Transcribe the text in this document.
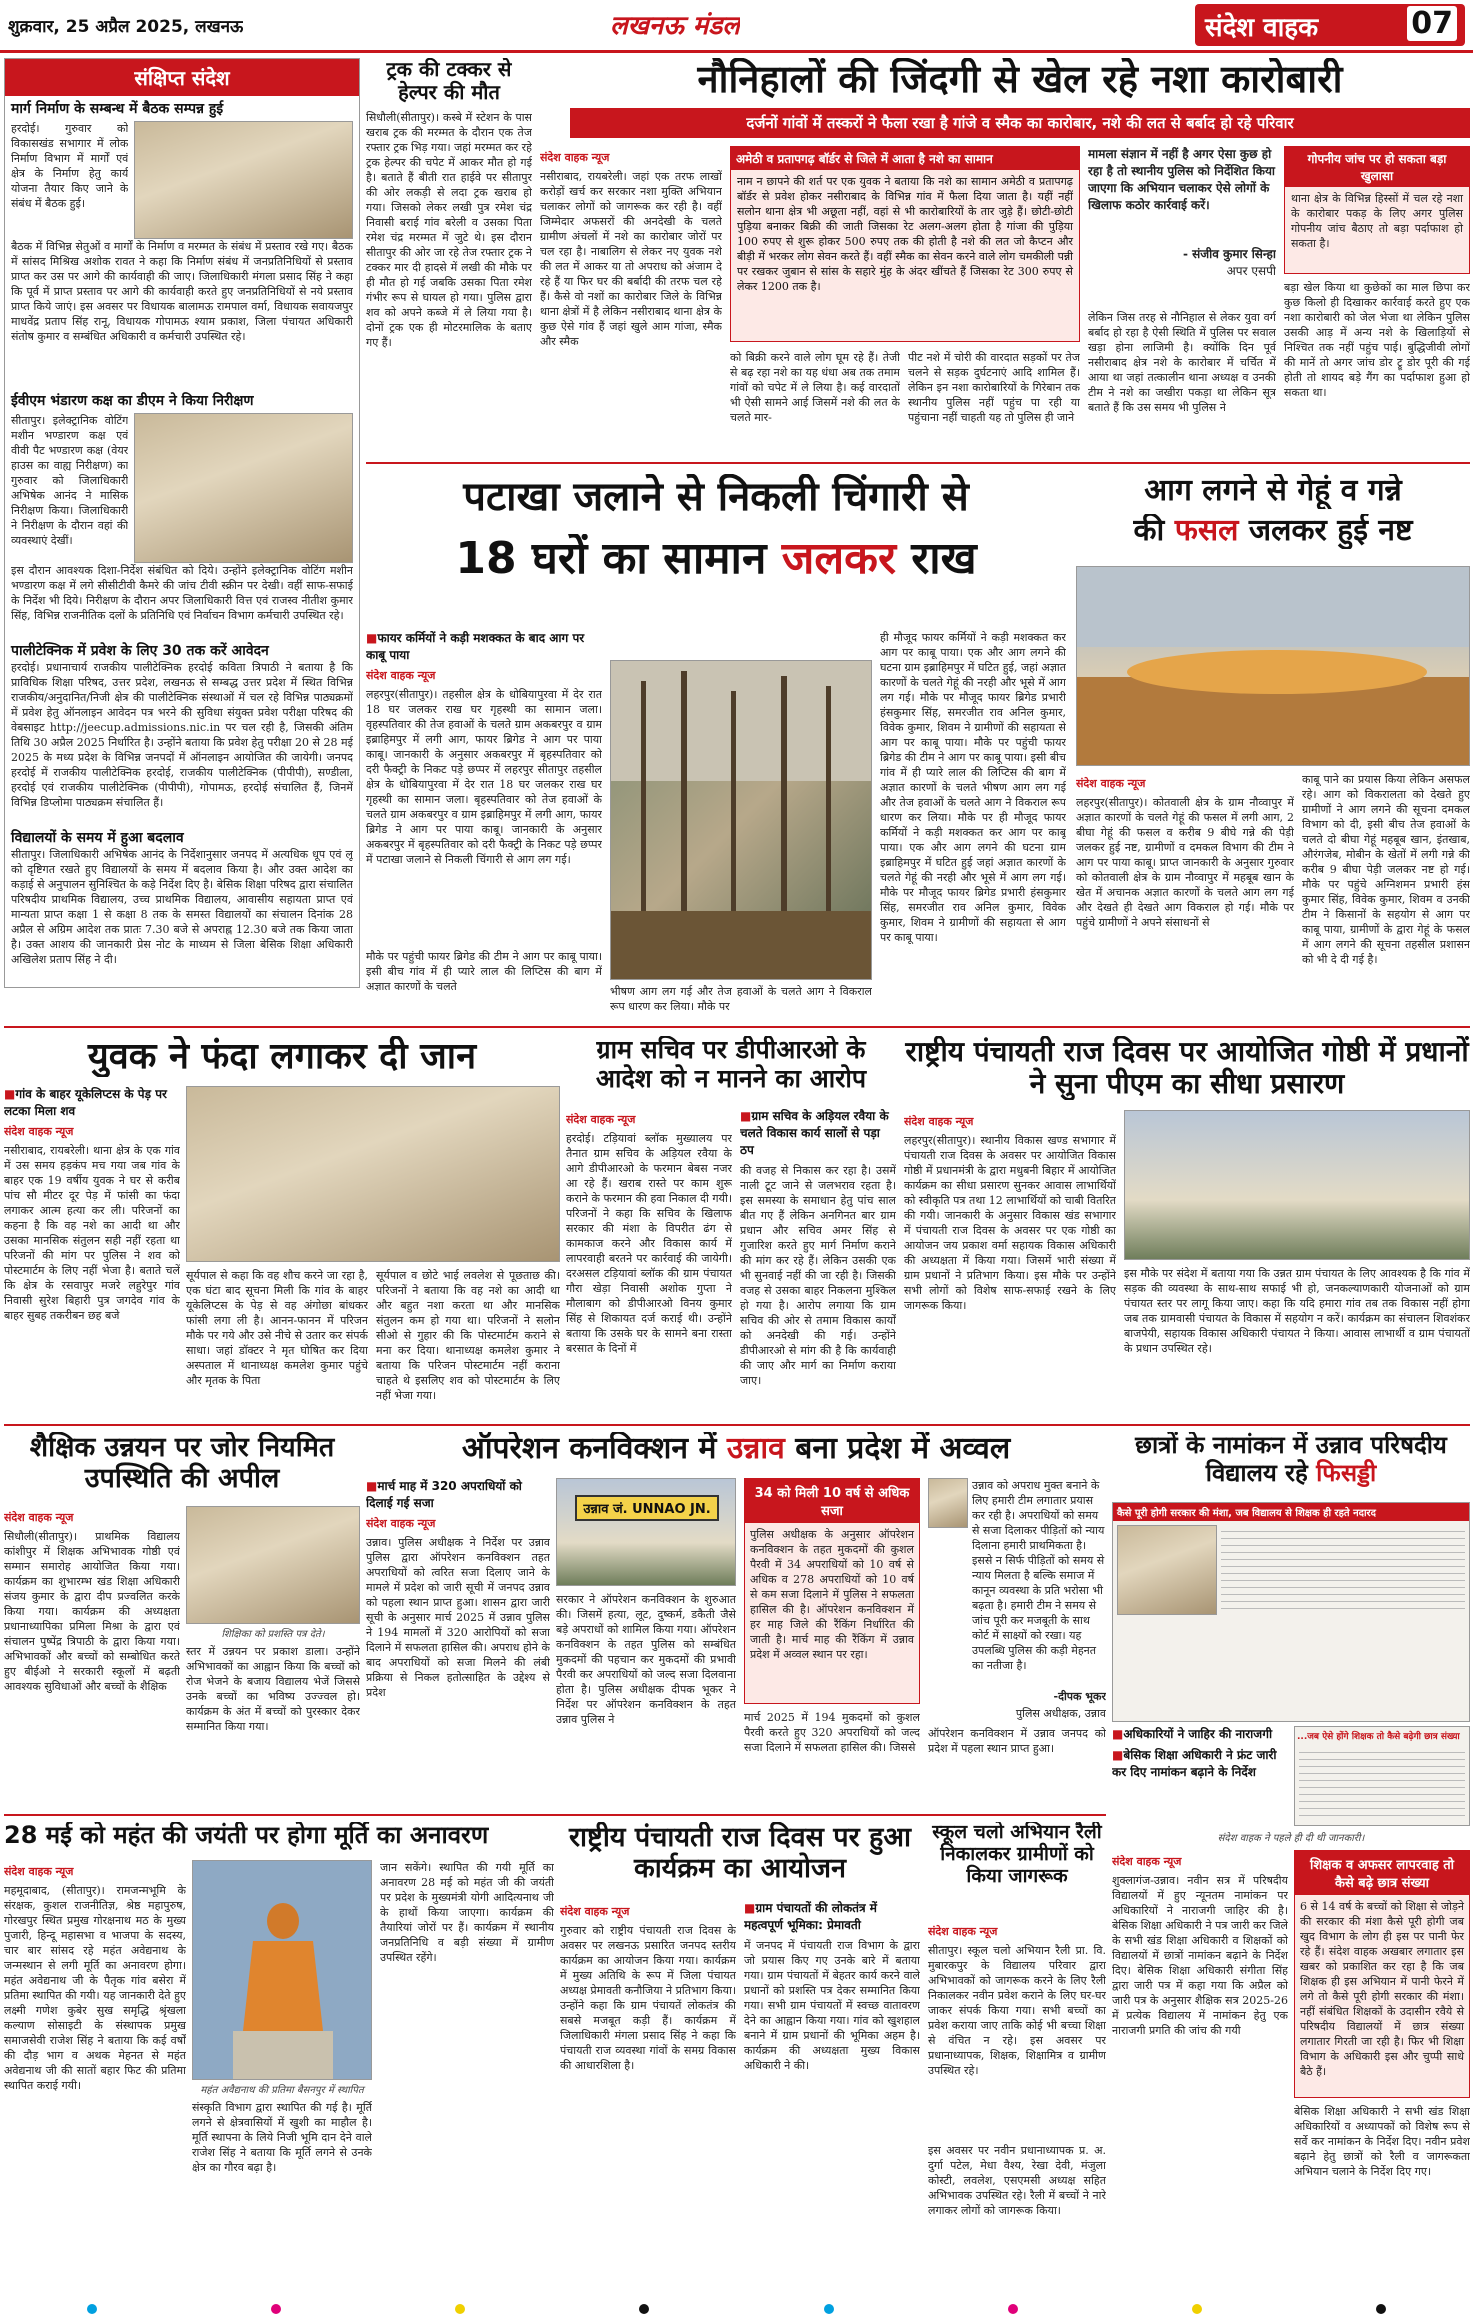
शुक्रवार, 25 अप्रैल 2025, लखनऊ	लखनऊ मंडल	संदेश वाहक	07
संक्षिप्त संदेश
मार्ग निर्माण के सम्बन्ध में बैठक सम्पन्न हुई
हरदोई। गुरुवार को विकासखंड सभागार में लोक निर्माण विभाग में मार्गों एवं क्षेत्र के निर्माण हेतु कार्य योजना तैयार किए जाने के संबंध में बैठक हुई।
बैठक में विभिन्न सेतुओं व मार्गों के निर्माण व मरम्मत के संबंध में प्रस्ताव रखे गए। बैठक में सांसद मिश्रिख अशोक रावत ने कहा कि निर्माण संबंध में जनप्रतिनिधियों से प्रस्ताव प्राप्त कर उस पर आगे की कार्यवाही की जाए। जिलाधिकारी मंगला प्रसाद सिंह ने कहा कि पूर्व में प्राप्त प्रस्ताव पर आगे की कार्यवाही करते हुए जनप्रतिनिधियों से नये प्रस्ताव प्राप्त किये जाएं। इस अवसर पर विधायक बालामऊ रामपाल वर्मा, विधायक सवायजपुर माधवेंद्र प्रताप सिंह रानू, विधायक गोपामऊ श्याम प्रकाश, जिला पंचायत अधिकारी संतोष कुमार व सम्बंधित अधिकारी व कर्मचारी उपस्थित रहे।
ईवीएम भंडारण कक्ष का डीएम ने किया निरीक्षण
सीतापुर। इलेक्ट्रानिक वोटिंग मशीन भण्डारण कक्ष एवं वीवी पैट भण्डारण कक्ष (वेयर हाउस का वाह्य निरीक्षण) का गुरुवार को जिलाधिकारी अभिषेक आनंद ने मासिक निरीक्षण किया। जिलाधिकारी ने निरीक्षण के दौरान वहां की व्यवस्थाएं देखीं।
इस दौरान आवश्यक दिशा-निर्देश संबंधित को दिये। उन्होंने इलेक्ट्रानिक वोटिंग मशीन भण्डारण कक्ष में लगे सीसीटीवी कैमरे की जांच टीवी स्क्रीन पर देखी। वहीं साफ-सफाई के निर्देश भी दिये। निरीक्षण के दौरान अपर जिलाधिकारी वित्त एवं राजस्व नीतीश कुमार सिंह, विभिन्न राजनीतिक दलों के प्रतिनिधि एवं निर्वाचन विभाग कर्मचारी उपस्थित रहे।
पालीटेक्निक में प्रवेश के लिए 30 तक करें आवेदन
हरदोई। प्रधानाचार्य राजकीय पालीटेक्निक हरदोई कविता त्रिपाठी ने बताया है कि प्राविधिक शिक्षा परिषद, उत्तर प्रदेश, लखनऊ से सम्बद्ध उत्तर प्रदेश में स्थित विभिन्न राजकीय/अनुदानित/निजी क्षेत्र की पालीटेक्निक संस्थाओं में चल रहे विभिन्न पाठ्यक्रमों में प्रवेश हेतु ऑनलाइन आवेदन पत्र भरने की सुविधा संयुक्त प्रवेश परीक्षा परिषद की वेबसाइट http://jeecup.admissions.nic.in पर चल रही है, जिसकी अंतिम तिथि 30 अप्रैल 2025 निर्धारित है। उन्होंने बताया कि प्रवेश हेतु परीक्षा 20 से 28 मई 2025 के मध्य प्रदेश के विभिन्न जनपदों में ऑनलाइन आयोजित की जायेगी। जनपद हरदोई में राजकीय पालीटेक्निक हरदोई, राजकीय पालीटेक्निक (पीपीपी), सण्डीला, हरदोई एवं राजकीय पालीटेक्निक (पीपीपी), गोपामऊ, हरदोई संचालित हैं, जिनमें विभिन्न डिप्लोमा पाठ्यक्रम संचालित हैं।
विद्यालयों के समय में हुआ बदलाव
सीतापुर। जिलाधिकारी अभिषेक आनंद के निर्देशानुसार जनपद में अत्यधिक धूप एवं लू को दृष्टिगत रखते हुए विद्यालयों के समय में बदलाव किया है। और उक्त आदेश का कड़ाई से अनुपालन सुनिश्चित के कड़े निर्देश दिए है। बेसिक शिक्षा परिषद द्वारा संचालित परिषदीय प्राथमिक विद्यालय, उच्च प्राथमिक विद्यालय, आवासीय सहायता प्राप्त एवं मान्यता प्राप्त कक्षा 1 से कक्षा 8 तक के समस्त विद्यालयों का संचालन दिनांक 28 अप्रैल से अग्रिम आदेश तक प्रातः 7.30 बजे से अपराह्न 12.30 बजे तक किया जाता है। उक्त आशय की जानकारी प्रेस नोट के माध्यम से जिला बेसिक शिक्षा अधिकारी अखिलेश प्रताप सिंह ने दी।
ट्रक की टक्कर से हेल्पर की मौत
सिधौली(सीतापुर)। कस्बे में स्टेशन के पास खराब ट्रक की मरम्मत के दौरान एक तेज रफ्तार ट्रक भिड़ गया। जहां मरम्मत कर रहे ट्रक हेल्पर की चपेट में आकर मौत हो गई है। बताते हैं बीती रात हाईवे पर सीतापुर की ओर लकड़ी से लदा ट्रक खराब हो गया। जिसको लेकर लखी पुत्र रमेश चंद्र निवासी बराई गांव बरेली व उसका पिता रमेश चंद्र मरम्मत में जुटे थे। इस दौरान सीतापुर की ओर जा रहे तेज रफ्तार ट्रक ने टक्कर मार दी हादसे में लखी की मौके पर ही मौत हो गई जबकि उसका पिता रमेश गंभीर रूप से घायल हो गया। पुलिस द्वारा शव को अपने कब्जे में ले लिया गया है। दोनों ट्रक एक ही मोटरमालिक के बताए गए हैं।
नौनिहालों की जिंदगी से खेल रहे नशा कारोबारी
दर्जनों गांवों में तस्करों ने फैला रखा है गांजे व स्मैक का कारोबार, नशे की लत से बर्बाद हो रहे परिवार
संदेश वाहक न्यूज
नसीराबाद, रायबरेली। जहां एक तरफ लाखों करोड़ों खर्च कर सरकार नशा मुक्ति अभियान चलाकर लोगों को जागरूक कर रही है। वहीं जिम्मेदार अफसरों की अनदेखी के चलते ग्रामीण अंचलों में नशे का कारोबार जोरों पर चल रहा है। नाबालिग से लेकर नए युवक नशे की लत में आकर या तो अपराध को अंजाम दे रहे हैं या फिर घर की बर्बादी की तरफ चल रहे हैं। कैसे वो नशों का कारोबार जिले के विभिन्न थाना क्षेत्रों में है लेकिन नसीराबाद थाना क्षेत्र के कुछ ऐसे गांव हैं जहां खुले आम गांजा, स्मैक और स्मैक
अमेठी व प्रतापगढ़ बॉर्डर से जिले में आता है नशे का सामान
नाम न छापने की शर्त पर एक युवक ने बताया कि नशे का सामान अमेठी व प्रतापगढ़ बॉर्डर से प्रवेश होकर नसीराबाद के विभिन्न गांव में फैला दिया जाता है। यहीं नहीं सलोन थाना क्षेत्र भी अछूता नहीं, वहां से भी कारोबारियों के तार जुड़े हैं। छोटी-छोटी पुड़िया बनाकर बिक्री की जाती जिसका रेट अलग-अलग होता है गांजा की पुड़िया 100 रुपए से शुरू होकर 500 रुपए तक की होती है नशे की लत जो कैप्टन और बीड़ी में भरकर लोग सेवन करते हैं। वहीं स्मैक का सेवन करने वाले लोग चमकीली पन्नी पर रखकर जुबान से सांस के सहारे मुंह के अंदर खींचते हैं जिसका रेट 300 रुपए से लेकर 1200 तक है।
को बिक्री करने वाले लोग घूम रहे हैं। तेजी से बढ़ रहा नशे का यह धंधा अब तक तमाम गांवों को चपेट में ले लिया है। कई वारदातों भी ऐसी सामने आई जिसमें नशे की लत के चलते मार-
पीट नशे में चोरी की वारदात सड़कों पर तेज चलने से सड़क दुर्घटनाएं आदि शामिल हैं। लेकिन इन नशा कारोबारियों के गिरेबान तक स्थानीय पुलिस नहीं पहुंच पा रही या पहुंचाना नहीं चाहती यह तो पुलिस ही जाने
मामला संज्ञान में नहीं है अगर ऐसा कुछ हो रहा है तो स्थानीय पुलिस को निर्देशित किया जाएगा कि अभियान चलाकर ऐसे लोगों के खिलाफ कठोर कार्रवाई करें।
- संजीव कुमार सिन्हा
अपर एसपी
लेकिन जिस तरह से नौनिहाल से लेकर युवा वर्ग बर्बाद हो रहा है ऐसी स्थिति में पुलिस पर सवाल खड़ा होना लाजिमी है। क्योंकि दिन पूर्व नसीराबाद क्षेत्र नशे के कारोबार में चर्चित में आया था जहां तत्कालीन थाना अध्यक्ष व उनकी टीम ने नशे का जखीरा पकड़ा था लेकिन सूत्र बताते हैं कि उस समय भी पुलिस ने
गोपनीय जांच पर हो सकता बड़ा खुलासा
थाना क्षेत्र के विभिन्न हिस्सों में चल रहे नशा के कारोबार पकड़ के लिए अगर पुलिस गोपनीय जांच बैठाए तो बड़ा पर्दाफाश हो सकता है।
बड़ा खेल किया था कुछेकों का माल छिपा कर कुछ किलो ही दिखाकर कार्रवाई करते हुए एक नशा कारोबारी को जेल भेजा था लेकिन पुलिस उसकी आड़ में अन्य नशे के खिलाड़ियों से निश्चित तक नहीं पहुंच पाई। बुद्धिजीवी लोगों की मानें तो अगर जांच डोर ट्रू डोर पूरी की गई होती तो शायद बड़े गैंग का पर्दाफाश हुआ हो सकता था।
पटाखा जलाने से निकली चिंगारी से
18 घरों का सामान जलकर राख
■ फायर कर्मियों ने कड़ी मशक्कत के बाद आग पर काबू पाया
संदेश वाहक न्यूज
लहरपुर(सीतापुर)। तहसील क्षेत्र के धोबियापुरवा में देर रात 18 घर जलकर राख घर गृहस्थी का सामान जला। वृहस्पतिवार की तेज हवाओं के चलते ग्राम अकबरपुर व ग्राम इब्राहिमपुर में लगी आग, फायर ब्रिगेड ने आग पर पाया काबू। जानकारी के अनुसार अकबरपुर में बृहस्पतिवार को दरी फैक्ट्री के निकट पड़े छप्पर में लहरपुर सीतापुर तहसील क्षेत्र के धोबियापुरवा में देर रात 18 घर जलकर राख घर गृहस्थी का सामान जला। बृहस्पतिवार को तेज हवाओं के चलते ग्राम अकबरपुर व ग्राम इब्राहिमपुर में लगी आग, फायर ब्रिगेड ने आग पर पाया काबू। जानकारी के अनुसार अकबरपुर में बृहस्पतिवार को दरी फैक्ट्री के निकट पड़े छप्पर में पटाखा जलाने से निकली चिंगारी से आग लग गई।
मौके पर पहुंची फायर ब्रिगेड की टीम ने आग पर काबू पाया। इसी बीच गांव में ही प्यारे लाल की लिप्टिस की बाग में अज्ञात कारणों के चलते	भीषण आग लग गई और तेज हवाओं के चलते आग ने विकराल रूप धारण कर लिया। मौके पर
ही मौजूद फायर कर्मियों ने कड़ी मशक्कत कर आग पर काबू पाया। एक और आग लगने की घटना ग्राम इब्राहिमपुर में घटित हुई, जहां अज्ञात कारणों के चलते गेहूं की नरही और भूसे में आग लग गई। मौके पर मौजूद फायर ब्रिगेड प्रभारी हंसकुमार सिंह, समरजीत राव अनिल कुमार, विवेक कुमार, शिवम ने ग्रामीणों की सहायता से आग पर काबू पाया। मौके पर पहुंची फायर ब्रिगेड की टीम ने आग पर काबू पाया। इसी बीच गांव में ही प्यारे लाल की लिप्टिस की बाग में अज्ञात कारणों के चलते भीषण आग लग गई और तेज हवाओं के चलते आग ने विकराल रूप धारण कर लिया। मौके पर ही मौजूद फायर कर्मियों ने कड़ी मशक्कत कर आग पर काबू पाया। एक और आग लगने की घटना ग्राम इब्राहिमपुर में घटित हुई जहां अज्ञात कारणों के चलते गेहूं की नरही और भूसे में आग लग गई। मौके पर मौजूद फायर ब्रिगेड प्रभारी हंसकुमार सिंह, समरजीत राव अनिल कुमार, विवेक कुमार, शिवम ने ग्रामीणों की सहायता से आग पर काबू पाया।
आग लगने से गेहूं व गन्ने
की फसल जलकर हुई नष्ट
संदेश वाहक न्यूज
लहरपुर(सीतापुर)। कोतवाली क्षेत्र के ग्राम नौव्वापुर में अज्ञात कारणों के चलते गेहूं की फसल में लगी आग, 2 बीघा गेहूं की फसल व करीब 9 बीघे गन्ने की पेड़ी जलकर हुई नष्ट, ग्रामीणों व दमकल विभाग की टीम ने आग पर पाया काबू। प्राप्त जानकारी के अनुसार गुरुवार को कोतवाली क्षेत्र के ग्राम नौव्वापुर में महबूब खान के खेत में अचानक अज्ञात कारणों के चलते आग लग गई और देखते ही देखते आग विकराल हो गई। मौके पर पहुंचे ग्रामीणों ने अपने संसाधनों से
काबू पाने का प्रयास किया लेकिन असफल रहे। आग को विकरालता को देखते हुए ग्रामीणों ने आग लगने की सूचना दमकल विभाग को दी, इसी बीच तेज हवाओं के चलते दो बीघा गेहूं महबूब खान, इंतखाब, औरंगजेब, मोबीन के खेतों में लगी गन्ने की करीब 9 बीघा पेड़ी जलकर नष्ट हो गई। मौके पर पहुंचे अग्निशमन प्रभारी हंस कुमार सिंह, विवेक कुमार, शिवम व उनकी टीम ने किसानों के सहयोग से आग पर काबू पाया, ग्रामीणों के द्वारा गेहूं के फसल में आग लगने की सूचना तहसील प्रशासन को भी दे दी गई है।
युवक ने फंदा लगाकर दी जान
■ गांव के बाहर यूकेलिप्टस के पेड़ पर लटका मिला शव
संदेश वाहक न्यूज
नसीराबाद, रायबरेली। थाना क्षेत्र के एक गांव में उस समय हड़कंप मच गया जब गांव के बाहर एक 19 वर्षीय युवक ने घर से करीब पांच सौ मीटर दूर पेड़ में फांसी का फंदा लगाकर आत्म हत्या कर ली। परिजनों का कहना है कि वह नशे का आदी था और उसका मानसिक संतुलन सही नहीं रहता था परिजनों की मांग पर पुलिस ने शव को पोस्टमार्टम के लिए नहीं भेजा है। बताते चलें कि क्षेत्र के रसवापुर मजरे लहुरेपुर गांव निवासी सुरेश बिहारी पुत्र जगदेव गांव के बाहर सुबह तकरीबन छह बजे
सूर्यपाल से कहा कि वह शौच करने जा रहा है, एक घंटा बाद सूचना मिली कि गांव के बाहर यूकेलिप्टस के पेड़ से वह अंगोछा बांधकर फांसी लगा ली है। आनन-फानन में परिजन मौके पर गये और उसे नीचे से उतार कर संपर्क साधा। जहां डॉक्टर ने मृत घोषित कर दिया अस्पताल में थानाध्यक्ष कमलेश कुमार पहुंचे और मृतक के पिता
सूर्यपाल व छोटे भाई लवलेश से पूछताछ की। परिजनों ने बताया कि वह नशे का आदी था और बहुत नशा करता था और मानसिक संतुलन कम हो गया था। परिजनों ने सलोन सीओ से गुहार की कि पोस्टमार्टम कराने से मना कर दिया। थानाध्यक्ष कमलेश कुमार ने बताया कि परिजन पोस्टमार्टम नहीं कराना चाहते थे इसलिए शव को पोस्टमार्टम के लिए नहीं भेजा गया।
ग्राम सचिव पर डीपीआरओ के आदेश को न मानने का आरोप
संदेश वाहक न्यूज
हरदोई। टड़ियावां ब्लॉक मुख्यालय पर तैनात ग्राम सचिव के अड़ियल रवैया के आगे डीपीआरओ के फरमान बेबस नजर आ रहे हैं। खराब रास्ते पर काम शुरू कराने के फरमान की हवा निकाल दी गयी। परिजनों ने कहा कि सचिव के खिलाफ सरकार की मंशा के विपरीत ढंग से कामकाज करने और विकास कार्य में लापरवाही बरतने पर कार्रवाई की जायेगी। दरअसल टड़ियावां ब्लॉक की ग्राम पंचायत गौरा खेड़ा निवासी अशोक गुप्ता ने मौलाबाग को डीपीआरओ विनय कुमार सिंह से शिकायत दर्ज कराई थी। उन्होंने बताया कि उसके घर के सामने बना रास्ता बरसात के दिनों में
■ ग्राम सचिव के अड़ियल रवैया के चलते विकास कार्य सालों से पड़ा ठप
की वजह से निकास कर रहा है। उसमें नाली टूट जाने से जलभराव रहता है। इस समस्या के समाधान हेतु पांच साल बीत गए हैं लेकिन अनगिनत बार ग्राम प्रधान और सचिव अमर सिंह से गुजारिश करते हुए मार्ग निर्माण कराने की मांग कर रहे हैं। लेकिन उसकी एक भी सुनवाई नहीं की जा रही है। जिसकी वजह से उसका बाहर निकलना मुश्किल हो गया है। आरोप लगाया कि ग्राम सचिव की ओर से तमाम विकास कार्यों को अनदेखी की गई। उन्होंने डीपीआरओ से मांग की है कि कार्यवाही की जाए और मार्ग का निर्माण कराया जाए।
राष्ट्रीय पंचायती राज दिवस पर आयोजित गोष्ठी में प्रधानों ने सुना पीएम का सीधा प्रसारण
संदेश वाहक न्यूज
लहरपुर(सीतापुर)। स्थानीय विकास खण्ड सभागार में पंचायती राज दिवस के अवसर पर आयोजित विकास गोष्ठी में प्रधानमंत्री के द्वारा मधुबनी बिहार में आयोजित कार्यक्रम का सीधा प्रसारण सुनकर आवास लाभार्थियों को स्वीकृति पत्र तथा 12 लाभार्थियों को चाबी वितरित की गयी। जानकारी के अनुसार विकास खंड सभागार में पंचायती राज दिवस के अवसर पर एक गोष्ठी का आयोजन जय प्रकाश वर्मा सहायक विकास अधिकारी की अध्यक्षता में किया गया। जिसमें भारी संख्या में ग्राम प्रधानों ने प्रतिभाग किया। इस मौके पर उन्होंने सभी लोगों को विशेष साफ-सफाई रखने के लिए जागरूक किया।
इस मौके पर संदेश में बताया गया कि उन्नत ग्राम पंचायत के लिए आवश्यक है कि गांव में सड़क की व्यवस्था के साथ-साथ सफाई भी हो, जनकल्याणकारी योजनाओं को ग्राम पंचायत स्तर पर लागू किया जाए। कहा कि यदि हमारा गांव तब तक विकास नहीं होगा जब तक ग्रामवासी पंचायत के विकास में सहयोग न करें। कार्यक्रम का संचालन शिवशंकर बाजपेयी, सहायक विकास अधिकारी पंचायत ने किया। आवास लाभार्थी व ग्राम पंचायतों के प्रधान उपस्थित रहे।
शैक्षिक उन्नयन पर जोर नियमित उपस्थिति की अपील
संदेश वाहक न्यूज
सिधौली(सीतापुर)। प्राथमिक विद्यालय कांशीपुर में शिक्षक अभिभावक गोष्ठी एवं सम्मान समारोह आयोजित किया गया। कार्यक्रम का शुभारम्भ खंड शिक्षा अधिकारी संजय कुमार के द्वारा दीप प्रज्वलित करके किया गया। कार्यक्रम की अध्यक्षता प्रधानाध्यापिका प्रमिला मिश्रा के द्वारा एवं संचालन पुष्पेंद्र त्रिपाठी के द्वारा किया गया। अभिभावकों और बच्चों को सम्बोधित करते हुए बीईओ ने सरकारी स्कूलों में बढ़ती आवश्यक सुविधाओं और बच्चों के शैक्षिक
शिक्षिका को प्रशस्ति पत्र देते।
स्तर में उन्नयन पर प्रकाश डाला। उन्होंने अभिभावकों का आह्वान किया कि बच्चों को रोज भेजने के बजाय विद्यालय भेजें जिससे उनके बच्चों का भविष्य उज्ज्वल हो। कार्यक्रम के अंत में बच्चों को पुरस्कार देकर सम्मानित किया गया।
ऑपरेशन कनविक्शन में उन्नाव बना प्रदेश में अव्वल
■ मार्च माह में 320 अपराधियों को दिलाई गई सजा
संदेश वाहक न्यूज
उन्नाव। पुलिस अधीक्षक ने निर्देश पर उन्नाव पुलिस द्वारा ऑपरेशन कनविक्शन तहत अपराधियों को त्वरित सजा दिलाए जाने के मामले में प्रदेश को जारी सूची में जनपद उन्नाव को पहला स्थान प्राप्त हुआ। शासन द्वारा जारी सूची के अनुसार मार्च 2025 में उन्नाव पुलिस ने 194 मामलों में 320 आरोपियों को सजा दिलाने में सफलता हासिल की। अपराध होने के बाद अपराधियों को सजा मिलने की लंबी प्रक्रिया से निकल हतोत्साहित के उद्देश्य से प्रदेश
उन्नाव जं. UNNAO JN.
सरकार ने ऑपरेशन कनविक्शन के शुरुआत की। जिसमें हत्या, लूट, दुष्कर्म, डकैती जैसे बड़े अपराधों को शामिल किया गया। ऑपरेशन कनविक्शन के तहत पुलिस को सम्बंधित मुकदमों की पहचान कर मुकदमों की प्रभावी पैरवी कर अपराधियों को जल्द सजा दिलवाना होता है। पुलिस अधीक्षक दीपक भूकर ने निर्देश पर ऑपरेशन कनविक्शन के तहत उन्नाव पुलिस ने
34 को मिली 10 वर्ष से अधिक सजा
पुलिस अधीक्षक के अनुसार ऑपरेशन कनविक्शन के तहत मुकदमों की कुशल पैरवी में 34 अपराधियों को 10 वर्ष से अधिक व 278 अपराधियों को 10 वर्ष से कम सजा दिलाने में पुलिस ने सफलता हासिल की है। ऑपरेशन कनविक्शन में हर माह जिले की रैंकिंग निर्धारित की जाती है। मार्च माह की रैंकिंग में उन्नाव प्रदेश में अव्वल स्थान पर रहा।
मार्च 2025 में 194 मुकदमों को कुशल पैरवी करते हुए 320 अपराधियों को जल्द सजा दिलाने में सफलता हासिल की। जिससे
उन्नाव को अपराध मुक्त बनाने के लिए हमारी टीम लगातार प्रयास कर रही है। अपराधियों को समय से सजा दिलाकर पीड़ितों को न्याय दिलाना हमारी प्राथमिकता है। इससे न सिर्फ पीड़ितों को समय से न्याय मिलता है बल्कि समाज में कानून व्यवस्था के प्रति भरोसा भी बढ़ता है। हमारी टीम ने समय से जांच पूरी कर मजबूती के साथ कोर्ट में साक्ष्यों को रखा। यह उपलब्धि पुलिस की कड़ी मेहनत का नतीजा है।
-दीपक भूकर
पुलिस अधीक्षक, उन्नाव
ऑपरेशन कनविक्शन में उन्नाव जनपद को प्रदेश में पहला स्थान प्राप्त हुआ।
छात्रों के नामांकन में उन्नाव परिषदीय विद्यालय रहे फिसड्डी
कैसे पूरी होगी सरकार की मंशा, जब विद्यालय से शिक्षक ही रहते नदारद
■ अधिकारियों ने जाहिर की नाराजगी
■ बेसिक शिक्षा अधिकारी ने फ्रंट जारी कर दिए नामांकन बढ़ाने के निर्देश
...जब ऐसे होंगे शिक्षक तो कैसे बढ़ेगी छात्र संख्या
संदेश वाहक ने पहले ही दी थी जानकारी।
28 मई को महंत की जयंती पर होगा मूर्ति का अनावरण
संदेश वाहक न्यूज
महमूदाबाद, (सीतापुर)। रामजन्मभूमि के संरक्षक, कुशल राजनीतिज्ञ, श्रेष्ठ महापुरुष, गोरखपुर स्थित प्रमुख गोरक्षनाथ मठ के मुख्य पुजारी, हिन्दू महासभा व भाजपा के सदस्य, चार बार सांसद रहे महंत अवेद्यनाथ के जन्मस्थान से लगी मूर्ति का अनावरण होगा। महंत अवेद्यनाथ जी के पैतृक गांव बसेरा में प्रतिमा स्थापित की गयी। यह जानकारी देते हुए लक्ष्मी गणेश कुबेर सुख समृद्धि श्रृंखला कल्याण सोसाइटी के संस्थापक प्रमुख समाजसेवी राजेश सिंह ने बताया कि कई वर्षों की दौड़ भाग व अथक मेहनत से महंत अवेद्यनाथ जी की सातों बहार फिट की प्रतिमा स्थापित कराई गयी।	महंत अवैद्यनाथ की प्रतिमा बैसनपुर में स्थापित
संस्कृति विभाग द्वारा स्थापित की गई है। मूर्ति लगने से क्षेत्रवासियों में खुशी का माहौल है। मूर्ति स्थापना के लिये निजी भूमि दान देने वाले राजेश सिंह ने बताया कि मूर्ति लगने से उनके क्षेत्र का गौरव बढ़ा है।
जान सकेंगे। स्थापित की गयी मूर्ति का अनावरण 28 मई को महंत जी की जयंती पर प्रदेश के मुख्यमंत्री योगी आदित्यनाथ जी के हाथों किया जाएगा। कार्यक्रम की तैयारियां जोरों पर हैं। कार्यक्रम में स्थानीय जनप्रतिनिधि व बड़ी संख्या में ग्रामीण उपस्थित रहेंगे।
राष्ट्रीय पंचायती राज दिवस पर हुआ कार्यक्रम का आयोजन
संदेश वाहक न्यूज
गुरुवार को राष्ट्रीय पंचायती राज दिवस के अवसर पर लखनऊ प्रसारित जनपद स्तरीय कार्यक्रम का आयोजन किया गया। कार्यक्रम में मुख्य अतिथि के रूप में जिला पंचायत अध्यक्ष प्रेमावती कनौजिया ने प्रतिभाग किया। उन्होंने कहा कि ग्राम पंचायतें लोकतंत्र की सबसे मजबूत कड़ी हैं। कार्यक्रम में जिलाधिकारी मंगला प्रसाद सिंह ने कहा कि पंचायती राज व्यवस्था गांवों के समग्र विकास की आधारशिला है।
■ ग्राम पंचायतों की लोकतंत्र में महत्वपूर्ण भूमिका: प्रेमावती
में जनपद में पंचायती राज विभाग के द्वारा जो प्रयास किए गए उनके बारे में बताया गया। ग्राम पंचायतों में बेहतर कार्य करने वाले प्रधानों को प्रशस्ति पत्र देकर सम्मानित किया गया। सभी ग्राम पंचायतों में स्वच्छ वातावरण देने का आह्वान किया गया। गांव को खुशहाल बनाने में ग्राम प्रधानों की भूमिका अहम है। कार्यक्रम की अध्यक्षता मुख्य विकास अधिकारी ने की।
स्कूल चलो अभियान रैली निकालकर ग्रामीणों को किया जागरूक
संदेश वाहक न्यूज
सीतापुर। स्कूल चलो अभियान रैली प्रा. वि. मुबारकपुर के विद्यालय परिवार द्वारा अभिभावकों को जागरूक करने के लिए रैली निकालकर नवीन प्रवेश कराने के लिए घर-घर जाकर संपर्क किया गया। सभी बच्चों का प्रवेश कराया जाए ताकि कोई भी बच्चा शिक्षा से वंचित न रहे। इस अवसर पर प्रधानाध्यापक, शिक्षक, शिक्षामित्र व ग्रामीण उपस्थित रहे।
इस अवसर पर नवीन प्रधानाध्यापक प्र. अ. दुर्गा पटेल, मेधा वैश्य, रेखा देवी, मंजुला कोस्टी, लवलेश, एसएमसी अध्यक्ष सहित अभिभावक उपस्थित रहे। रैली में बच्चों ने नारे लगाकर लोगों को जागरूक किया।
संदेश वाहक न्यूज
शुक्लागंज-उन्नाव। नवीन सत्र में परिषदीय विद्यालयों में हुए न्यूनतम नामांकन पर अधिकारियों ने नाराजगी जाहिर की है। बेसिक शिक्षा अधिकारी ने पत्र जारी कर जिले के सभी खंड शिक्षा अधिकारी व शिक्षकों को विद्यालयों में छात्रों नामांकन बढ़ाने के निर्देश दिए। बेसिक शिक्षा अधिकारी संगीता सिंह द्वारा जारी पत्र में कहा गया कि अप्रैल को जारी पत्र के अनुसार शैक्षिक सत्र 2025-26 में प्रत्येक विद्यालय में नामांकन हेतु एक नाराजगी प्रगति की जांच की गयी
शिक्षक व अफसर लापरवाह तो कैसे बढ़े छात्र संख्या
6 से 14 वर्ष के बच्चों को शिक्षा से जोड़ने की सरकार की मंशा कैसे पूरी होगी जब खुद विभाग के लोग ही इस पर पानी फेर रहे हैं। संदेश वाहक अखबार लगातार इस खबर को प्रकाशित कर रहा है कि जब शिक्षक ही इस अभियान में पानी फेरने में लगे तो कैसे पूरी होगी सरकार की मंशा। नहीं संबंधित शिक्षकों के उदासीन रवैये से परिषदीय विद्यालयों में छात्र संख्या लगातार गिरती जा रही है। फिर भी शिक्षा विभाग के अधिकारी इस और चुप्पी साधे बैठे हैं।
बेसिक शिक्षा अधिकारी ने सभी खंड शिक्षा अधिकारियों व अध्यापकों को विशेष रूप से सर्वे कर नामांकन के निर्देश दिए। नवीन प्रवेश बढ़ाने हेतु छात्रों को रैली व जागरूकता अभियान चलाने के निर्देश दिए गए।
